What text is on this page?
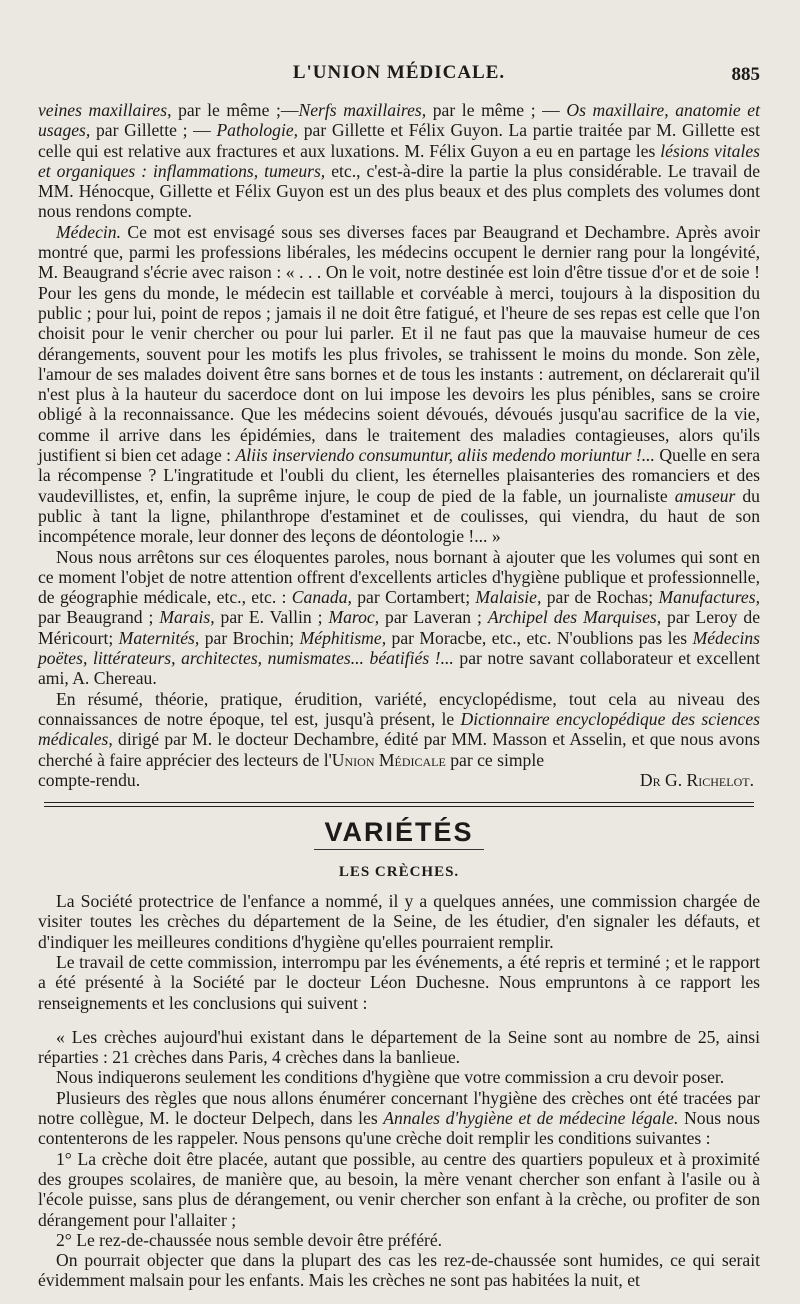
L'UNION MÉDICALE.	885

veines maxillaires, par le même ;—Nerfs maxillaires, par le même ; — Os maxillaire, anatomie et usages, par Gillette ; — Pathologie, par Gillette et Félix Guyon. La partie traitée par M. Gillette est celle qui est relative aux fractures et aux luxations. M. Félix Guyon a eu en partage les lésions vitales et organiques : inflammations, tumeurs, etc., c'est-à-dire la partie la plus considérable. Le travail de MM. Hénocque, Gillette et Félix Guyon est un des plus beaux et des plus complets des volumes dont nous rendons compte.

Médecin. Ce mot est envisagé sous ses diverses faces par Beaugrand et Dechambre. Après avoir montré que, parmi les professions libérales, les médecins occupent le dernier rang pour la longévité, M. Beaugrand s'écrie avec raison : « . . . On le voit, notre destinée est loin d'être tissue d'or et de soie ! Pour les gens du monde, le médecin est taillable et corvéable à merci, toujours à la disposition du public ; pour lui, point de repos ; jamais il ne doit être fatigué, et l'heure de ses repas est celle que l'on choisit pour le venir chercher ou pour lui parler. Et il ne faut pas que la mauvaise humeur de ces dérangements, souvent pour les motifs les plus frivoles, se trahissent le moins du monde. Son zèle, l'amour de ses malades doivent être sans bornes et de tous les instants : autrement, on déclarerait qu'il n'est plus à la hauteur du sacerdoce dont on lui impose les devoirs les plus pénibles, sans se croire obligé à la reconnaissance. Que les médecins soient dévoués, dévoués jusqu'au sacrifice de la vie, comme il arrive dans les épidémies, dans le traitement des maladies contagieuses, alors qu'ils justifient si bien cet adage : Aliis inserviendo consumuntur, aliis medendo moriuntur !... Quelle en sera la récompense ? L'ingratitude et l'oubli du client, les éternelles plaisanteries des romanciers et des vaudevillistes, et, enfin, la suprême injure, le coup de pied de la fable, un journaliste amuseur du public à tant la ligne, philanthrope d'estaminet et de coulisses, qui viendra, du haut de son incompétence morale, leur donner des leçons de déontologie !... »

Nous nous arrêtons sur ces éloquentes paroles, nous bornant à ajouter que les volumes qui sont en ce moment l'objet de notre attention offrent d'excellents articles d'hygiène publique et professionnelle, de géographie médicale, etc., etc. : Canada, par Cortambert; Malaisie, par de Rochas; Manufactures, par Beaugrand ; Marais, par E. Vallin ; Maroc, par Laveran ; Archipel des Marquises, par Leroy de Méricourt; Maternités, par Brochin; Méphitisme, par Moracbe, etc., etc. N'oublions pas les Médecins poëtes, littérateurs, architectes, numismates... béatifiés !... par notre savant collaborateur et excellent ami, A. Chereau.

En résumé, théorie, pratique, érudition, variété, encyclopédisme, tout cela au niveau des connaissances de notre époque, tel est, jusqu'à présent, le Dictionnaire encyclopédique des sciences médicales, dirigé par M. le docteur Dechambre, édité par MM. Masson et Asselin, et que nous avons cherché à faire apprécier des lecteurs de l'Union Médicale par ce simple

compte-rendu.	Dr G. Richelot.
VARIÉTÉS
LES CRÈCHES.

La Société protectrice de l'enfance a nommé, il y a quelques années, une commission chargée de visiter toutes les crèches du département de la Seine, de les étudier, d'en signaler les défauts, et d'indiquer les meilleures conditions d'hygiène qu'elles pourraient remplir.

Le travail de cette commission, interrompu par les événements, a été repris et terminé ; et le rapport a été présenté à la Société par le docteur Léon Duchesne. Nous empruntons à ce rapport les renseignements et les conclusions qui suivent :

« Les crèches aujourd'hui existant dans le département de la Seine sont au nombre de 25, ainsi réparties : 21 crèches dans Paris, 4 crèches dans la banlieue.

Nous indiquerons seulement les conditions d'hygiène que votre commission a cru devoir poser.

Plusieurs des règles que nous allons énumérer concernant l'hygiène des crèches ont été tracées par notre collègue, M. le docteur Delpech, dans les Annales d'hygiène et de médecine légale. Nous nous contenterons de les rappeler. Nous pensons qu'une crèche doit remplir les conditions suivantes :

1° La crèche doit être placée, autant que possible, au centre des quartiers populeux et à proximité des groupes scolaires, de manière que, au besoin, la mère venant chercher son enfant à l'asile ou à l'école puisse, sans plus de dérangement, ou venir chercher son enfant à la crèche, ou profiter de son dérangement pour l'allaiter ;

2° Le rez-de-chaussée nous semble devoir être préféré.

On pourrait objecter que dans la plupart des cas les rez-de-chaussée sont humides, ce qui serait évidemment malsain pour les enfants. Mais les crèches ne sont pas habitées la nuit, et
